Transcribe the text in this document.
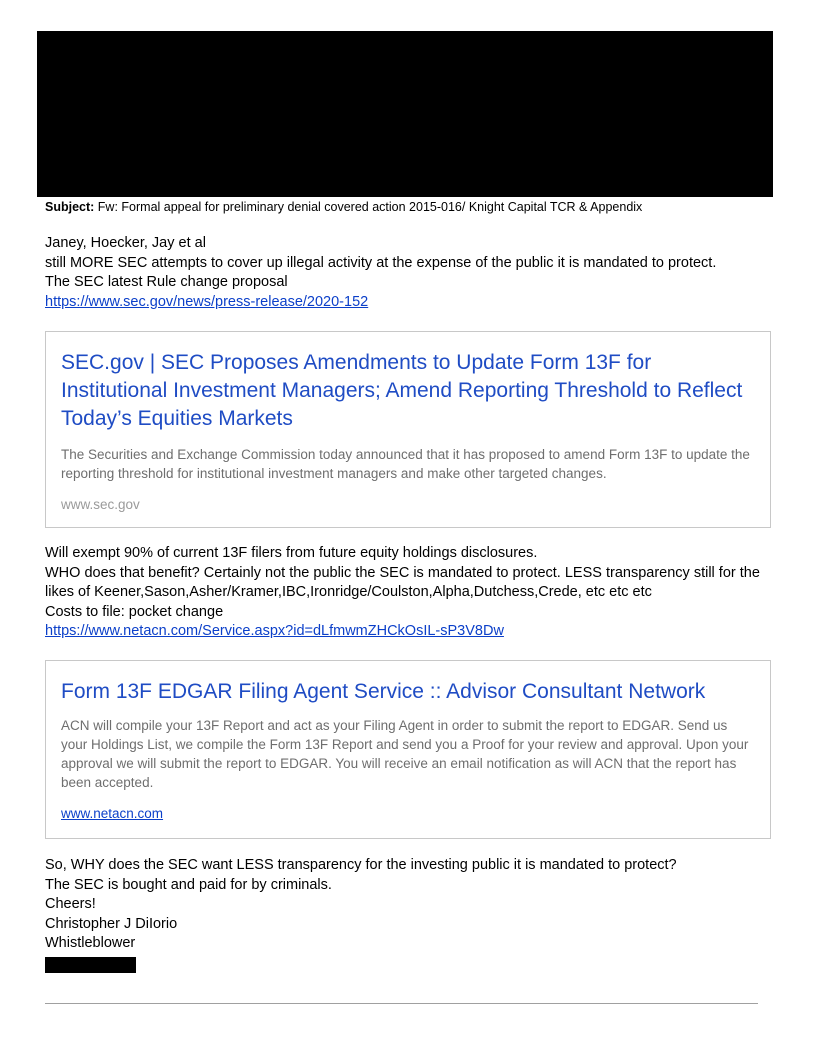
Subject: Fw: Formal appeal for preliminary denial covered action 2015-016/ Knight Capital TCR & Appendix

Janey, Hoecker, Jay et al

still MORE SEC attempts to cover up illegal activity at the expense of the public it is mandated to protect.

The SEC latest Rule change proposal

https://www.sec.gov/news/press-release/2020-152

SEC.gov | SEC Proposes Amendments to Update Form 13F for Institutional Investment Managers; Amend Reporting Threshold to Reflect Today’s Equities Markets

The Securities and Exchange Commission today announced that it has proposed to amend Form 13F to update the reporting threshold for institutional investment managers and make other targeted changes.

www.sec.gov

Will exempt 90% of current 13F filers from future equity holdings disclosures.

WHO does that benefit? Certainly not the public the SEC is mandated to protect. LESS transparency still for the likes of Keener,Sason,Asher/Kramer,IBC,Ironridge/Coulston,Alpha,Dutchess,Crede, etc etc etc

Costs to file: pocket change

https://www.netacn.com/Service.aspx?id=dLfmwmZHCkOsIL-sP3V8Dw

Form 13F EDGAR Filing Agent Service :: Advisor Consultant Network

ACN will compile your 13F Report and act as your Filing Agent in order to submit the report to EDGAR. Send us your Holdings List, we compile the Form 13F Report and send you a Proof for your review and approval. Upon your approval we will submit the report to EDGAR. You will receive an email notification as will ACN that the report has been accepted.

www.netacn.com

So, WHY does the SEC want LESS transparency for the investing public it is mandated to protect?

The SEC is bought and paid for by criminals.

Cheers!

Christopher J DiIorio

Whistleblower
